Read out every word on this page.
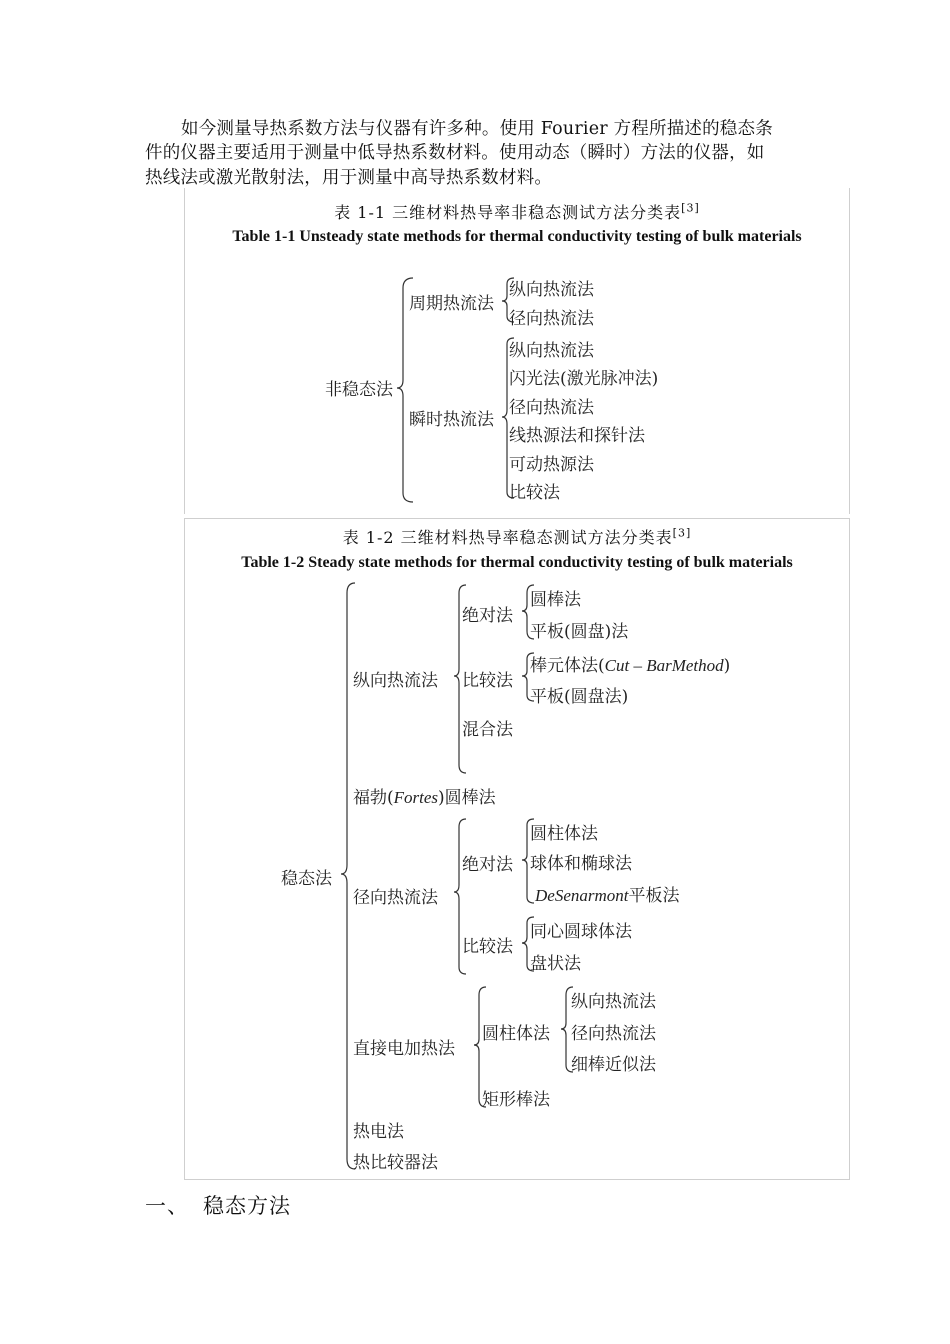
如今测量导热系数方法与仪器有许多种。使用 Fourier 方程所描述的稳态条
件的仪器主要适用于测量中低导热系数材料。使用动态（瞬时）方法的仪器，如
热线法或激光散射法，用于测量中高导热系数材料。
表 1-1 三维材料热导率非稳态测试方法分类表[3]
Table 1-1 Unsteady state methods for thermal conductivity testing of bulk materials
非稳态法
周期热流法
纵向热流法
径向热流法
瞬时热流法
纵向热流法
闪光法(激光脉冲法)
径向热流法
线热源法和探针法
可动热源法
比较法
表 1-2 三维材料热导率稳态测试方法分类表[3]
Table 1-2 Steady state methods for thermal conductivity testing of bulk materials
稳态法
纵向热流法
绝对法
圆棒法
平板(圆盘)法
比较法
棒元体法(Cut – BarMethod)
平板(圆盘法)
混合法
福勃(Fortes)圆棒法
径向热流法
绝对法
圆柱体法
球体和椭球法
DeSenarmont平板法
比较法
同心圆球体法
盘状法
直接电加热法
圆柱体法
纵向热流法
径向热流法
细棒近似法
矩形棒法
热电法
热比较器法
一、 稳态方法
